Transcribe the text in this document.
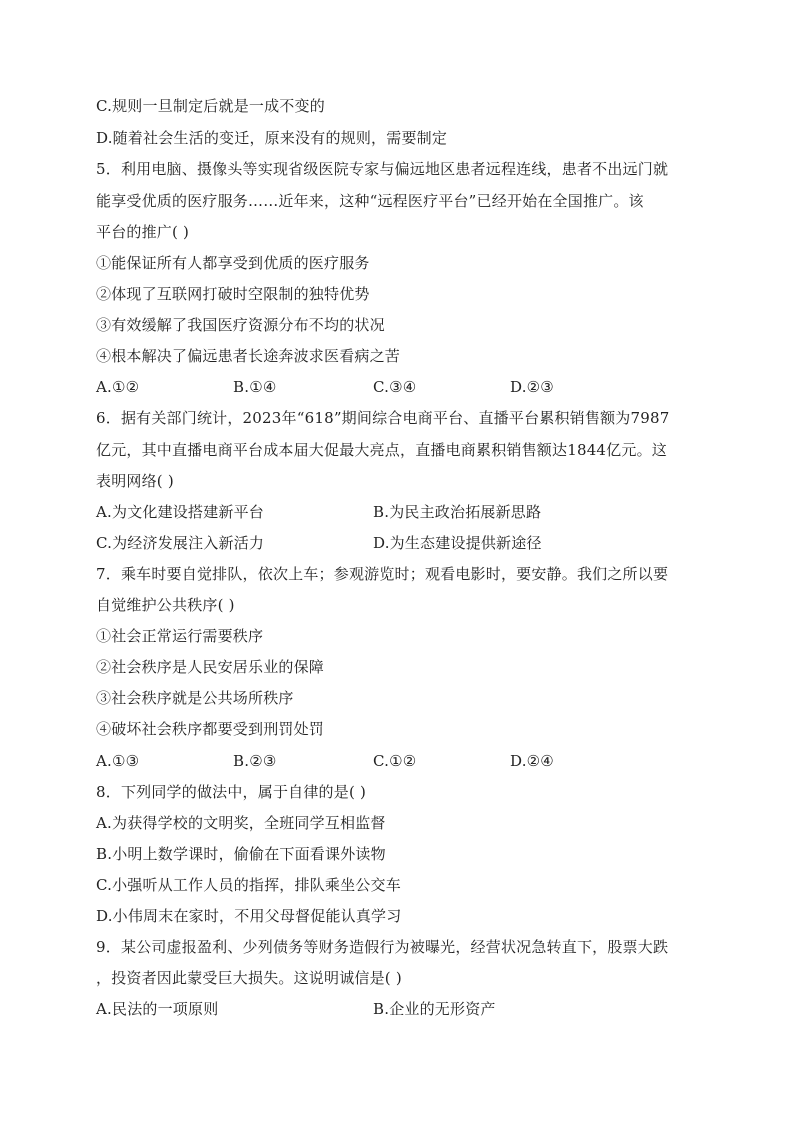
C.规则一旦制定后就是一成不变的
D.随着社会生活的变迁，原来没有的规则，需要制定
5．利用电脑、摄像头等实现省级医院专家与偏远地区患者远程连线，患者不出远门就
能享受优质的医疗服务……近年来，这种“远程医疗平台”已经开始在全国推广。该
平台的推广( )
①能保证所有人都享受到优质的医疗服务
②体现了互联网打破时空限制的独特优势
③有效缓解了我国医疗资源分布不均的状况
④根本解决了偏远患者长途奔波求医看病之苦
A.①②	B.①④	C.③④	D.②③
6．据有关部门统计，2023年“618”期间综合电商平台、直播平台累积销售额为7987
亿元，其中直播电商平台成本届大促最大亮点，直播电商累积销售额达1844亿元。这
表明网络( )
A.为文化建设搭建新平台	B.为民主政治拓展新思路
C.为经济发展注入新活力	D.为生态建设提供新途径
7．乘车时要自觉排队，依次上车；参观游览时；观看电影时，要安静。我们之所以要
自觉维护公共秩序( )
①社会正常运行需要秩序
②社会秩序是人民安居乐业的保障
③社会秩序就是公共场所秩序
④破坏社会秩序都要受到刑罚处罚
A.①③	B.②③	C.①②	D.②④
8．下列同学的做法中，属于自律的是( )
A.为获得学校的文明奖，全班同学互相监督
B.小明上数学课时，偷偷在下面看课外读物
C.小强听从工作人员的指挥，排队乘坐公交车
D.小伟周末在家时，不用父母督促能认真学习
9．某公司虚报盈利、少列债务等财务造假行为被曝光，经营状况急转直下，股票大跌
，投资者因此蒙受巨大损失。这说明诚信是( )
A.民法的一项原则	B.企业的无形资产
